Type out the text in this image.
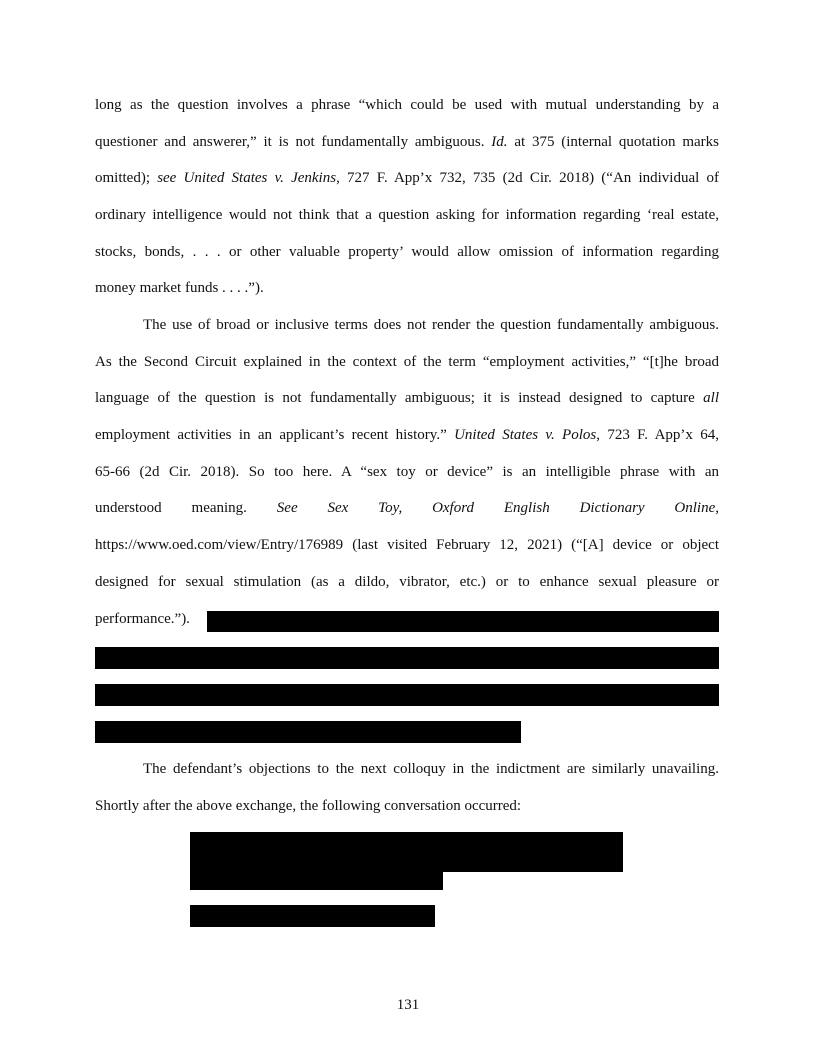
long as the question involves a phrase “which could be used with mutual understanding by a
questioner and answerer,” it is not fundamentally ambiguous. Id. at 375 (internal quotation marks
omitted); see United States v. Jenkins, 727 F. App’x 732, 735 (2d Cir. 2018) (“An individual of
ordinary intelligence would not think that a question asking for information regarding ‘real estate,
stocks, bonds, . . . or other valuable property’ would allow omission of information regarding
money market funds . . . .”).
The use of broad or inclusive terms does not render the question fundamentally ambiguous.
As the Second Circuit explained in the context of the term “employment activities,” “[t]he broad
language of the question is not fundamentally ambiguous; it is instead designed to capture all
employment activities in an applicant’s recent history.” United States v. Polos, 723 F. App’x 64,
65-66 (2d Cir. 2018). So too here. A “sex toy or device” is an intelligible phrase with an
understood meaning. See Sex Toy, Oxford English Dictionary Online,
https://www.oed.com/view/Entry/176989 (last visited February 12, 2021) (“[A] device or object
designed for sexual stimulation (as a dildo, vibrator, etc.) or to enhance sexual pleasure or
performance.”).
The defendant’s objections to the next colloquy in the indictment are similarly unavailing.
Shortly after the above exchange, the following conversation occurred:
131
